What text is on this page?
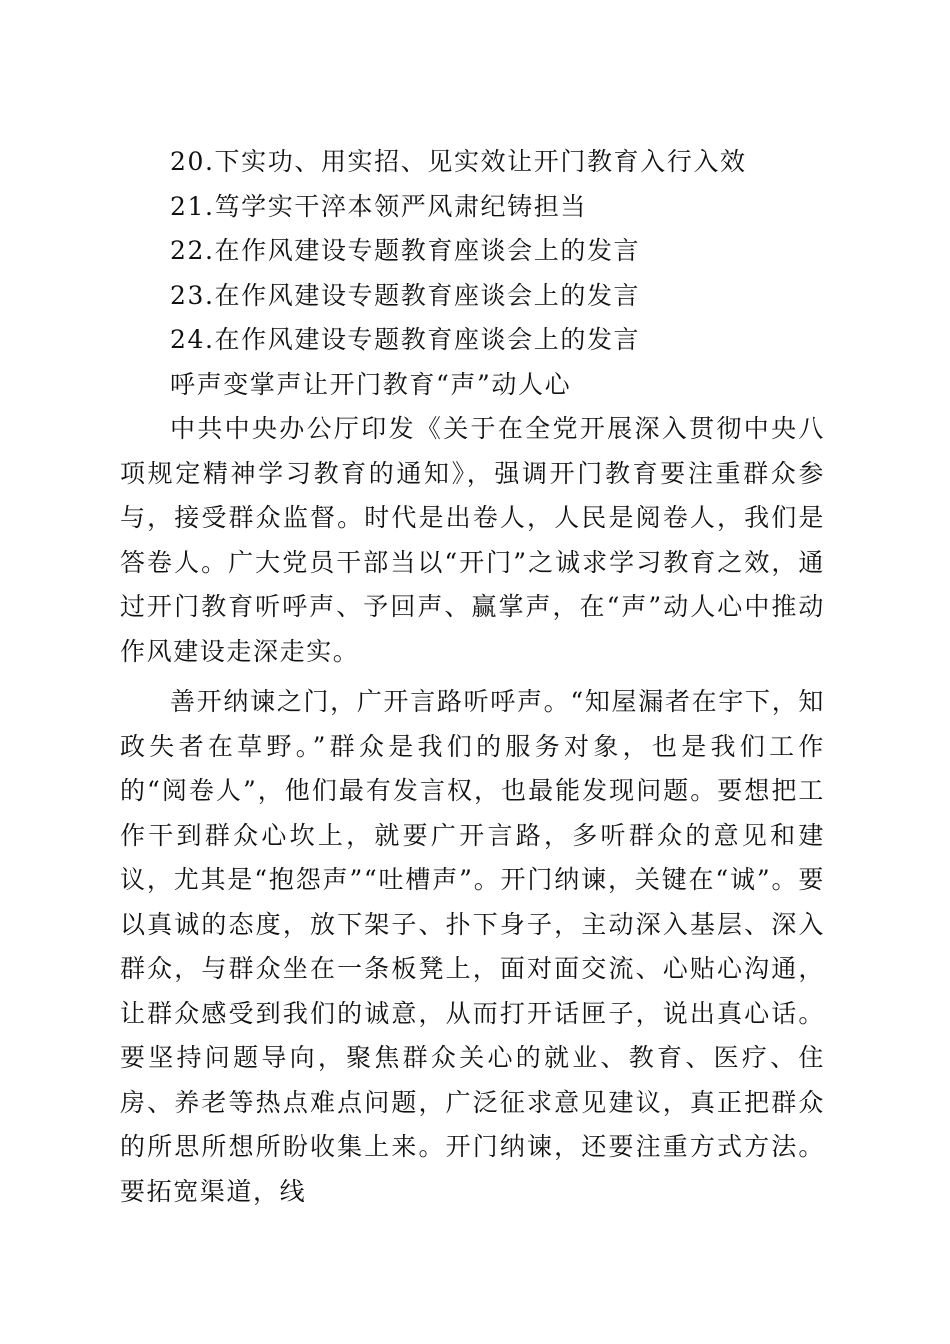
20.下实功、用实招、见实效让开门教育入行入效
21.笃学实干淬本领严风肃纪铸担当
22.在作风建设专题教育座谈会上的发言
23.在作风建设专题教育座谈会上的发言
24.在作风建设专题教育座谈会上的发言
呼声变掌声让开门教育“声”动人心

中共中央办公厅印发《关于在全党开展深入贯彻中央八项规定精神学习教育的通知》，强调开门教育要注重群众参与，接受群众监督。时代是出卷人，人民是阅卷人，我们是答卷人。广大党员干部当以“开门”之诚求学习教育之效，通过开门教育听呼声、予回声、赢掌声，在“声”动人心中推动作风建设走深走实。

善开纳谏之门，广开言路听呼声。“知屋漏者在宇下，知政失者在草野。”群众是我们的服务对象，也是我们工作的“阅卷人”，他们最有发言权，也最能发现问题。要想把工作干到群众心坎上，就要广开言路，多听群众的意见和建议，尤其是“抱怨声”“吐槽声”。开门纳谏，关键在“诚”。要以真诚的态度，放下架子、扑下身子，主动深入基层、深入群众，与群众坐在一条板凳上，面对面交流、心贴心沟通，让群众感受到我们的诚意，从而打开话匣子，说出真心话。要坚持问题导向，聚焦群众关心的就业、教育、医疗、住房、养老等热点难点问题，广泛征求意见建议，真正把群众的所思所想所盼收集上来。开门纳谏，还要注重方式方法。要拓宽渠道，线
